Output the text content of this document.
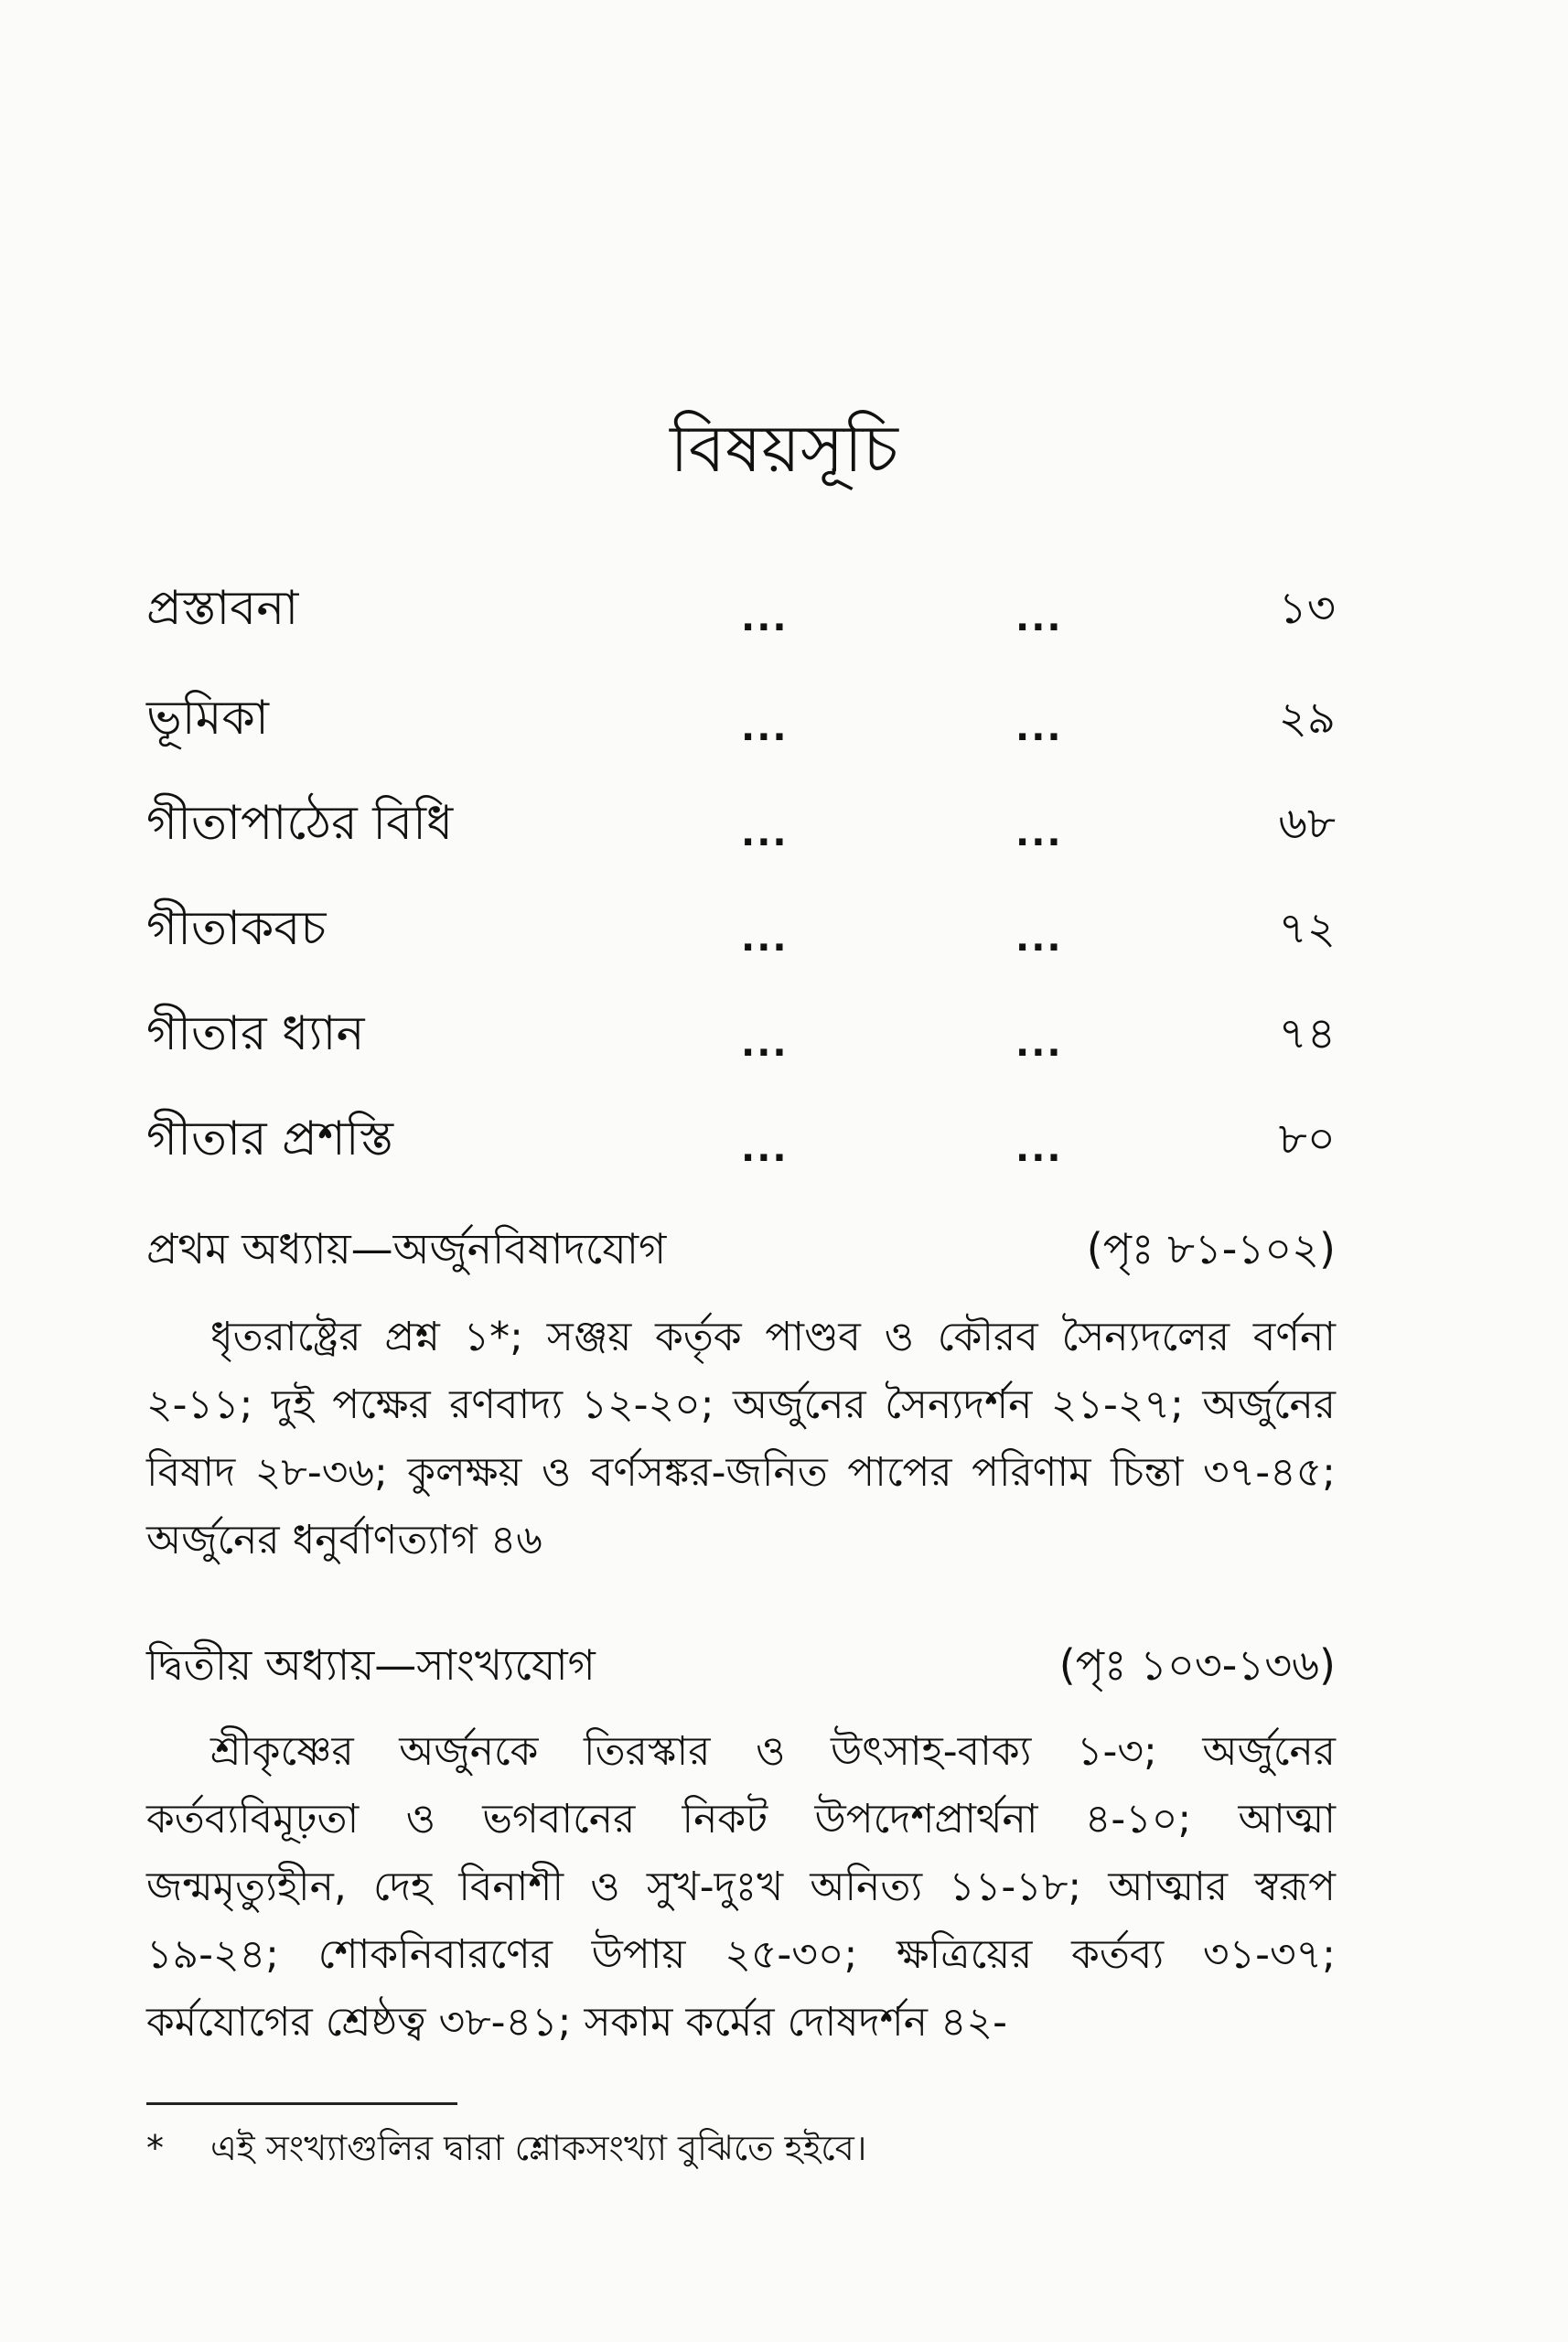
বিষয়সূচি
প্রস্তাবনা	...	...	১৩
ভূমিকা	...	...	২৯
গীতাপাঠের বিধি	...	...	৬৮
গীতাকবচ	...	...	৭২
গীতার ধ্যান	...	...	৭৪
গীতার প্রশস্তি	...	...	৮০
প্রথম অধ্যায়—অর্জুনবিষাদযোগ	(পৃঃ ৮১-১০২)
ধৃতরাষ্ট্রের প্রশ্ন ১*; সঞ্জয় কর্তৃক পাণ্ডব ও কৌরব সৈন্যদলের বর্ণনা ২-১১; দুই পক্ষের রণবাদ্য ১২-২০; অর্জুনের সৈন্যদর্শন ২১-২৭; অর্জুনের বিষাদ ২৮-৩৬; কুলক্ষয় ও বর্ণসঙ্কর-জনিত পাপের পরিণাম চিন্তা ৩৭-৪৫; অর্জুনের ধনুর্বাণত্যাগ ৪৬
দ্বিতীয় অধ্যায়—সাংখ্যযোগ	(পৃঃ ১০৩-১৩৬)
শ্রীকৃষ্ণের অর্জুনকে তিরস্কার ও উৎসাহ-বাক্য ১-৩; অর্জুনের কর্তব্যবিমূঢ়তা ও ভগবানের নিকট উপদেশপ্রার্থনা ৪-১০; আত্মা জন্মমৃত্যুহীন, দেহ বিনাশী ও সুখ-দুঃখ অনিত্য ১১-১৮; আত্মার স্বরূপ ১৯-২৪; শোকনিবারণের উপায় ২৫-৩০; ক্ষত্রিয়ের কর্তব্য ৩১-৩৭; কর্মযোগের শ্রেষ্ঠত্ব ৩৮-৪১; সকাম কর্মের দোষদর্শন ৪২-
* এই সংখ্যাগুলির দ্বারা শ্লোকসংখ্যা বুঝিতে হইবে।
